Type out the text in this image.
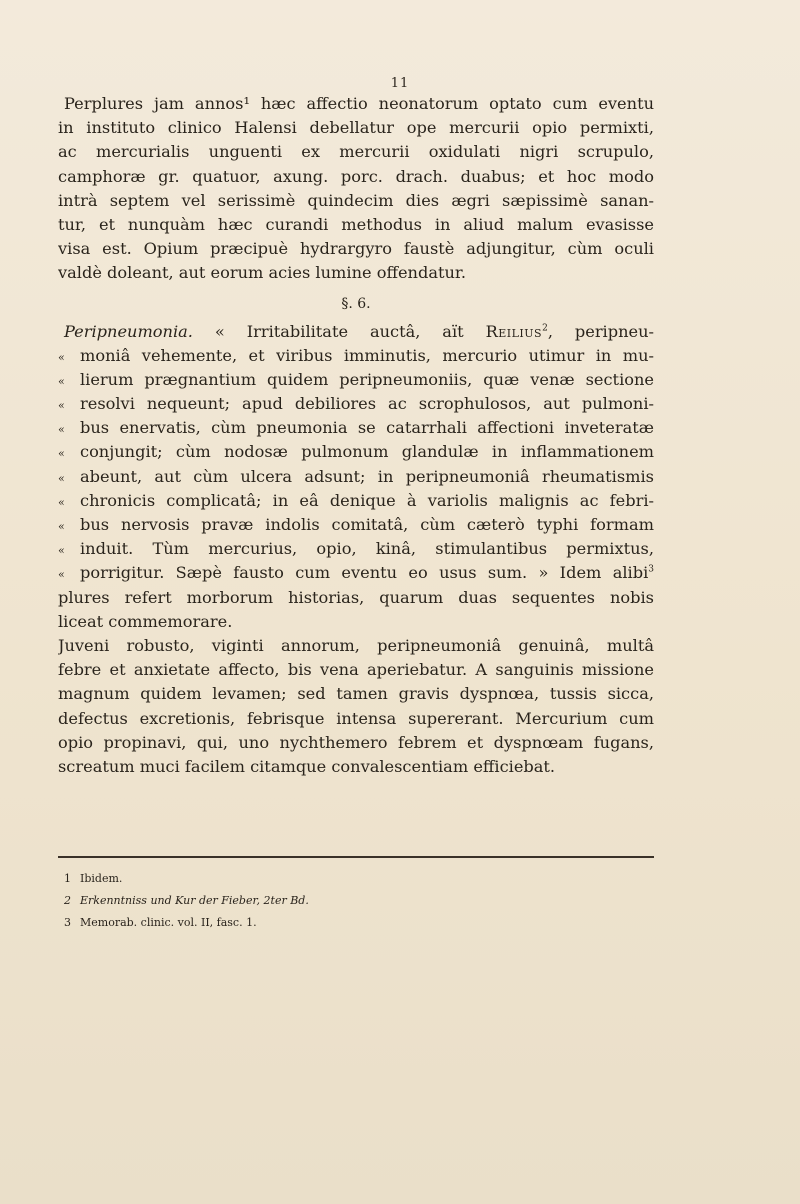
11
Perplures jam annos¹ hæc affectio neonatorum optato cum eventu
in instituto clinico Halensi debellatur ope mercurii opio permixti,
ac mercurialis unguenti ex mercurii oxidulati nigri scrupulo,
camphoræ gr. quatuor, axung. porc. drach. duabus; et hoc modo
intrà septem vel serissimè quindecim dies ægri sæpissimè sanan-
tur, et nunquàm hæc curandi methodus in aliud malum evasisse
visa est. Opium præcipuè hydrargyro faustè adjungitur, cùm oculi
valdè doleant, aut eorum acies lumine offendatur.
§. 6.
Peripneumonia. « Irritabilitate auctâ, aït Reilius$^2$, peripneu-
« moniâ vehemente, et viribus imminutis, mercurio utimur in mu-
« lierum prægnantium quidem peripneumoniis, quæ venæ sectione
« resolvi nequeunt; apud debiliores ac scrophulosos, aut pulmoni-
« bus enervatis, cùm pneumonia se catarrhali affectioni inveteratæ
« conjungit; cùm nodosæ pulmonum glandulæ in inflammationem
« abeunt, aut cùm ulcera adsunt; in peripneumoniâ rheumatismis
« chronicis complicatâ; in eâ denique à variolis malignis ac febri-
« bus nervosis pravæ indolis comitatâ, cùm cæterò typhi formam
« induit. Tùm mercurius, opio, kinâ, stimulantibus permixtus,
« porrigitur. Sæpè fausto cum eventu eo usus sum. » Idem alibi$^3$
plures refert morborum historias, quarum duas sequentes nobis
liceat commemorare.
Juveni robusto, viginti annorum, peripneumoniâ genuinâ, multâ
febre et anxietate affecto, bis vena aperiebatur. A sanguinis missione
magnum quidem levamen; sed tamen gravis dyspnœa, tussis sicca,
defectus excretionis, febrisque intensa supererant. Mercurium cum
opio propinavi, qui, uno nychthemero febrem et dyspnœam fugans,
screatum muci facilem citamque convalescentiam efficiebat.
1 Ibidem.
2 Erkenntniss und Kur der Fieber, 2ter Bd.
3 Memorab. clinic. vol. II, fasc. 1.
